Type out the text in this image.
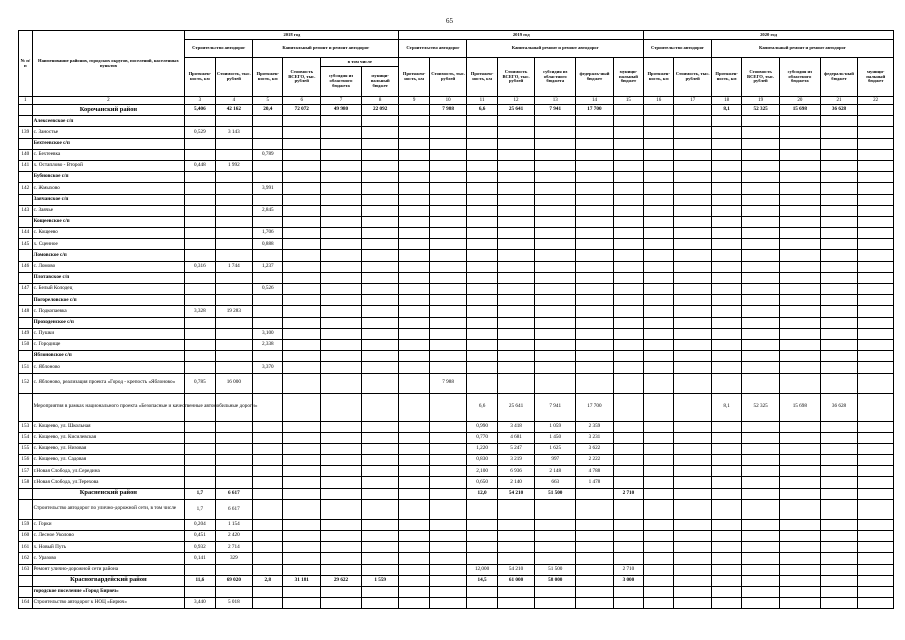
65
№ п/п	Наименование районов, городских округов, поселений, населенных пунктов	2018 год						2019 год							2020 год						
		Строительство автодорог		Капитальный ремонт и ремонт автодорог				Строительство автодорог		Капитальный ремонт и ремонт автодорог					Строительство автодорог		Капитальный ремонт и ремонт автодорог				
		Протяжен-ность, км	Стоимость, тыс. рублей	Протяжен-ность, км	Стоимость ВСЕГО, тыс. рублей	в том числе		Протяжен-ность, км	Стоимость, тыс. рублей	Протяжен-ность, км	Стоимость ВСЕГО, тыс. рублей	субсидия из областного бюджета	федераль-ный бюджет	муници-пальный бюджет	Протяжен-ность, км	Стоимость, тыс. рублей	Протяжен-ность, км	Стоимость ВСЕГО, тыс. рублей	субсидия из областного бюджета	федераль-ный бюджет	муници-пальный бюджет
						субсидия из областного бюджета	муници-пальный бюджет														
1	2	3	4	5	6	7	8	9	10	11	12	13	14	15	16	17	18	19	20	21	22
	Корочанский район	5,406	42 162	20,4	72 072	49 980	22 092		7 988	6,6	25 641	7 941	17 700				8,1	52 325	15 698	36 628	
	Алексеевское с/п																				
139	с. Заностье	0,529	3 143																		
	Бехтеевское с/п																				
140	с. Бехтеевка			0,789																	
141	х. Остаплово - Второй	0,448	1 992																		
	Бубновское с/п																				
142	с. Жмыхово			3,991																	
	Заячанское с/п																				
143	с. Заячье			2,845																	
	Кощеевское с/п																				
144	с. Кощеево			1,706																	
145	х. Сценное			0,888																	
	Ломовское с/п																				
146	с. Ломово	0,316	1 744	1,237																	
	Плотавское с/п																				
147	с. Белый Колодец			0,526																	
	Погореловское с/п																				
148	с. Подкопаевка	3,328	19 283																		
	Проходенское с/п																				
149	с. Пушки			3,100																	
150	с. Городище			2,338																	
	Яблоновское с/п																				
151	с. Яблоново			3,370																	
152	с. Яблоново, реализация проекта «Город - крепость «Яблоново»	0,785	16 000						7 988												
	Мероприятия в рамках национального проекта «Безопасные и качественные автомобильные дороги»									6,6	25 641	7 941	17 700				8,1	52 325	15 698	36 628	
153	с. Кощеево, ул. Школьная									0,990	3 418	1 059	2 359								
154	с. Кощеево, ул. Кисилевская									0,770	4 681	1 450	3 231								
155	с. Кощеево, ул. Низовая									1,220	5 247	1 625	3 622								
156	с. Кощеево, ул. Садовая									0,830	3 219	997	2 222								
157	г.Новая Слобода, ул.Середина									2,100	6 936	2 148	4 788								
158	г.Новая Слобода, ул.Терехова									0,650	2 140	663	1 478								
	Красненский район	1,7	6 617							12,0	54 210	51 500		2 710							
	Строительство автодорог по улично-дорожной сети, в том числе	1,7	6 617																		
159	с. Горки	0,204	1 154																		
160	с. Лесное Уколово	0,451	2 420																		
161	х. Новый Путь	0,932	2 714																		
162	с. Уразово	0,141	329																		
163	Ремонт улично-дорожной сети района									12,000	54 210	51 500		2 710							
	Красногвардейский район	11,6	69 020	2,8	31 181	29 622	1 559			14,5	61 000	58 000		3 000							
	городское поселение «Город Бирюч»																				
164	Строительство автодорог к НОЦ «Бирюч»	3,440	5 018																		
